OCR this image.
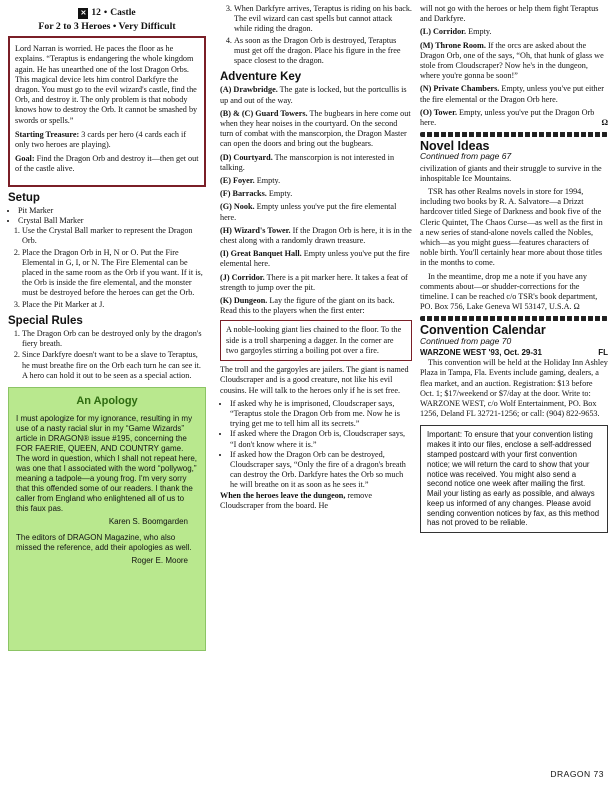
✕ 12 • Castle
For 2 to 3 Heroes • Very Difficult

Lord Narran is worried. He paces the floor as he explains. “Teraptus is endangering the whole kingdom again. He has unearthed one of the lost Dragon Orbs. This magical device lets him control Darkfyre the dragon. You must go to the evil wizard's castle, find the Orb, and destroy it. The only problem is that nobody knows how to destroy the Orb. It cannot be smashed by swords or spells.”

Starting Treasure: 3 cards per hero (4 cards each if only two heroes are playing).

Goal: Find the Dragon Orb and destroy it—then get out of the castle alive.

Setup
• Pit Marker
• Crystal Ball Marker
1. Use the Crystal Ball marker to represent the Dragon Orb.
2. Place the Dragon Orb in H, N or O. Put the Fire Elemental in G, I, or N. The Fire Elemental can be placed in the same room as the Orb if you want. If it is, the Orb is inside the fire elemental, and the monster must be destroyed before the heroes can get the Orb.
3. Place the Pit Marker at J.
Special Rules
1. The Dragon Orb can be destroyed only by the dragon's fiery breath.
2. Since Darkfyre doesn't want to be a slave to Teraptus, he must breathe fire on the Orb each turn he can see it. A hero can hold it out to be seen as a special action.
An Apology

I must apologize for my ignorance, resulting in my use of a nasty racial slur in my “Game Wizards” article in DRAGON® issue #195, concerning the FOR FAERIE, QUEEN, AND COUNTRY game. The word in question, which I shall not repeat here, was one that I associated with the word “pollywog,” meaning a tadpole—a young frog. I'm very sorry that this offended some of our readers. I thank the caller from England who enlightened all of us to this faux pas.

Karen S. Boomgarden

The editors of DRAGON Magazine, who also missed the reference, add their apologies as well.

Roger E. Moore

3. When Darkfyre arrives, Teraptus is riding on his back. The evil wizard can cast spells but cannot attack while riding the dragon.
4. As soon as the Dragon Orb is destroyed, Teraptus must get off the dragon. Place his figure in the free space closest to the dragon.
Adventure Key

(A) Drawbridge. The gate is locked, but the portcullis is up and out of the way.

(B) & (C) Guard Towers. The bugbears in here come out when they hear noises in the courtyard. On the second turn of combat with the manscorpion, the Dragon Master can open the doors and bring out the bugbears.

(D) Courtyard. The manscorpion is not interested in talking.

(E) Foyer. Empty.

(F) Barracks. Empty.

(G) Nook. Empty unless you've put the fire elemental here.

(H) Wizard's Tower. If the Dragon Orb is here, it is in the chest along with a randomly drawn treasure.

(I) Great Banquet Hall. Empty unless you've put the fire elemental here.

(J) Corridor. There is a pit marker here. It takes a feat of strength to jump over the pit.

(K) Dungeon. Lay the figure of the giant on its back. Read this to the players when the first enter:

A noble-looking giant lies chained to the floor. To the side is a troll sharpening a dagger. In the corner are two gargoyles stirring a boiling pot over a fire.

The troll and the gargoyles are jailers. The giant is named Cloudscraper and is a good creature, not like his evil cousins. He will talk to the heroes only if he is set free.

• If asked why he is imprisoned, Cloudscraper says, “Teraptus stole the Dragon Orb from me. Now he is trying get me to tell him all its secrets.”
• If asked where the Dragon Orb is, Cloudscraper says, “I don't know where it is.”
• If asked how the Dragon Orb can be destroyed, Cloudscraper says, “Only the fire of a dragon's breath can destroy the Orb. Darkfyre hates the Orb so much he will breathe on it as soon as he sees it.”

When the heroes leave the dungeon, remove Cloudscraper from the board. He

will not go with the heroes or help them fight Teraptus and Darkfyre.

(L) Corridor. Empty.

(M) Throne Room. If the orcs are asked about the Dragon Orb, one of the says, “Oh, that hunk of glass we stole from Cloudscraper? Now he's in the dungeon, where you're gonna be soon!”

(N) Private Chambers. Empty, unless you've put either the fire elemental or the Dragon Orb here.

(O) Tower. Empty, unless you've put the Dragon Orb here.	Ω

Novel Ideas
Continued from page 67

civilization of giants and their struggle to survive in the inhospitable Ice Mountains.

TSR has other Realms novels in store for 1994, including two books by R. A. Salvatore—a Drizzt hardcover titled Siege of Darkness and book five of the Cleric Quintet, The Chaos Curse—as well as the first in a new series of stand-alone novels called the Nobles, which—as you might guess—features characters of noble birth. You'll certainly hear more about those titles in the months to come.

In the meantime, drop me a note if you have any comments about—or shudder-corrections for the timeline. I can be reached c/o TSR's book department, PO. Box 756, Lake Geneva WI 53147, U.S.A. Ω

Convention Calendar
Continued from page 70
WARZONE WEST '93, Oct. 29-31	FL

This convention will be held at the Holiday Inn Ashley Plaza in Tampa, Fla. Events include gaming, dealers, a flea market, and an auction. Registration: $13 before Oct. 1; $17/weekend or $7/day at the door. Write to: WARZONE WEST, c/o Wolf Entertainment, PO. Box 1256, Deland FL 32721-1256; or call: (904) 822-9653.

Important: To ensure that your convention listing makes it into our files, enclose a self-addressed stamped postcard with your first convention notice; we will return the card to show that your notice was received. You might also send a second notice one week after mailing the first. Mail your listing as early as possible, and always keep us informed of any changes. Please avoid sending convention notices by fax, as this method has not proved to be reliable.
DRAGON 73
